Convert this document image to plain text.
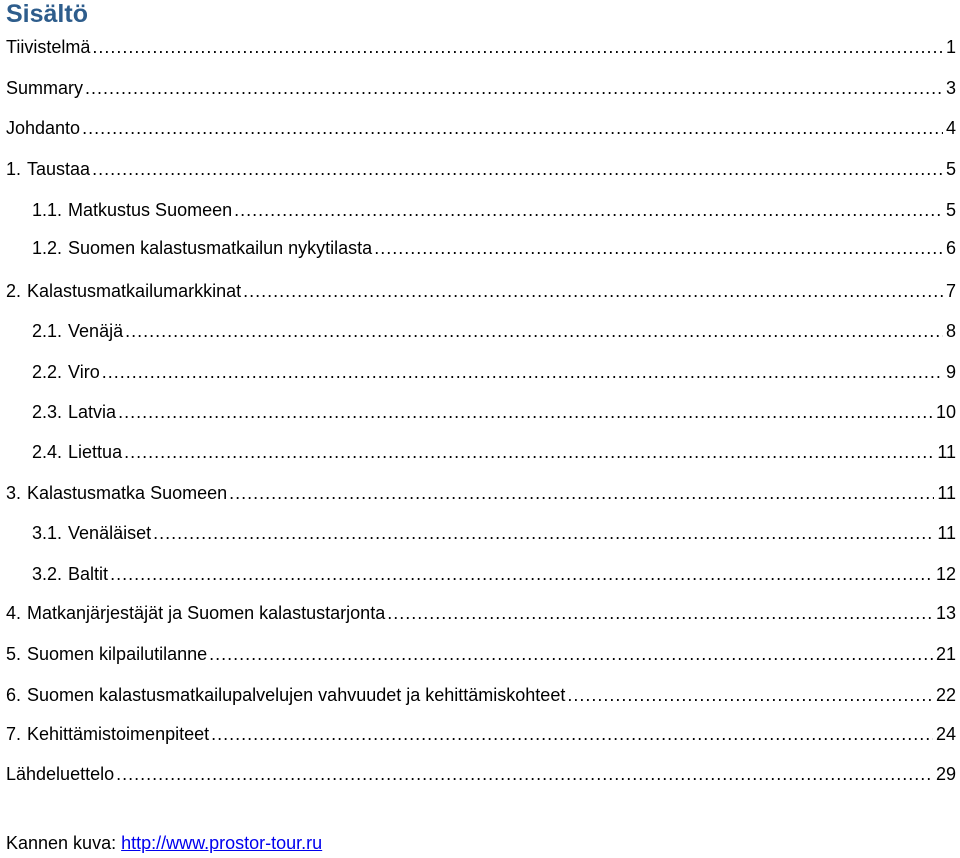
Sisältö
Tiivistelmä .....	1
Summary .....	3
Johdanto .....	4
1. Taustaa .....	5
1.1. Matkustus Suomeen .....	5
1.2. Suomen kalastusmatkailun nykytilasta .....	6
2. Kalastusmatkailumarkkinat .....	7
2.1. Venäjä .....	8
2.2. Viro .....	9
2.3. Latvia .....	10
2.4. Liettua .....	11
3. Kalastusmatka Suomeen .....	11
3.1. Venäläiset .....	11
3.2. Baltit .....	12
4. Matkanjärjestäjät ja Suomen kalastustarjonta .....	13
5. Suomen kilpailutilanne .....	21
6. Suomen kalastusmatkailupalvelujen vahvuudet ja kehittämiskohteet .....	22
7. Kehittämistoimenpiteet .....	24
Lähdeluettelo .....	29
Kannen kuva: http://www.prostor-tour.ru
